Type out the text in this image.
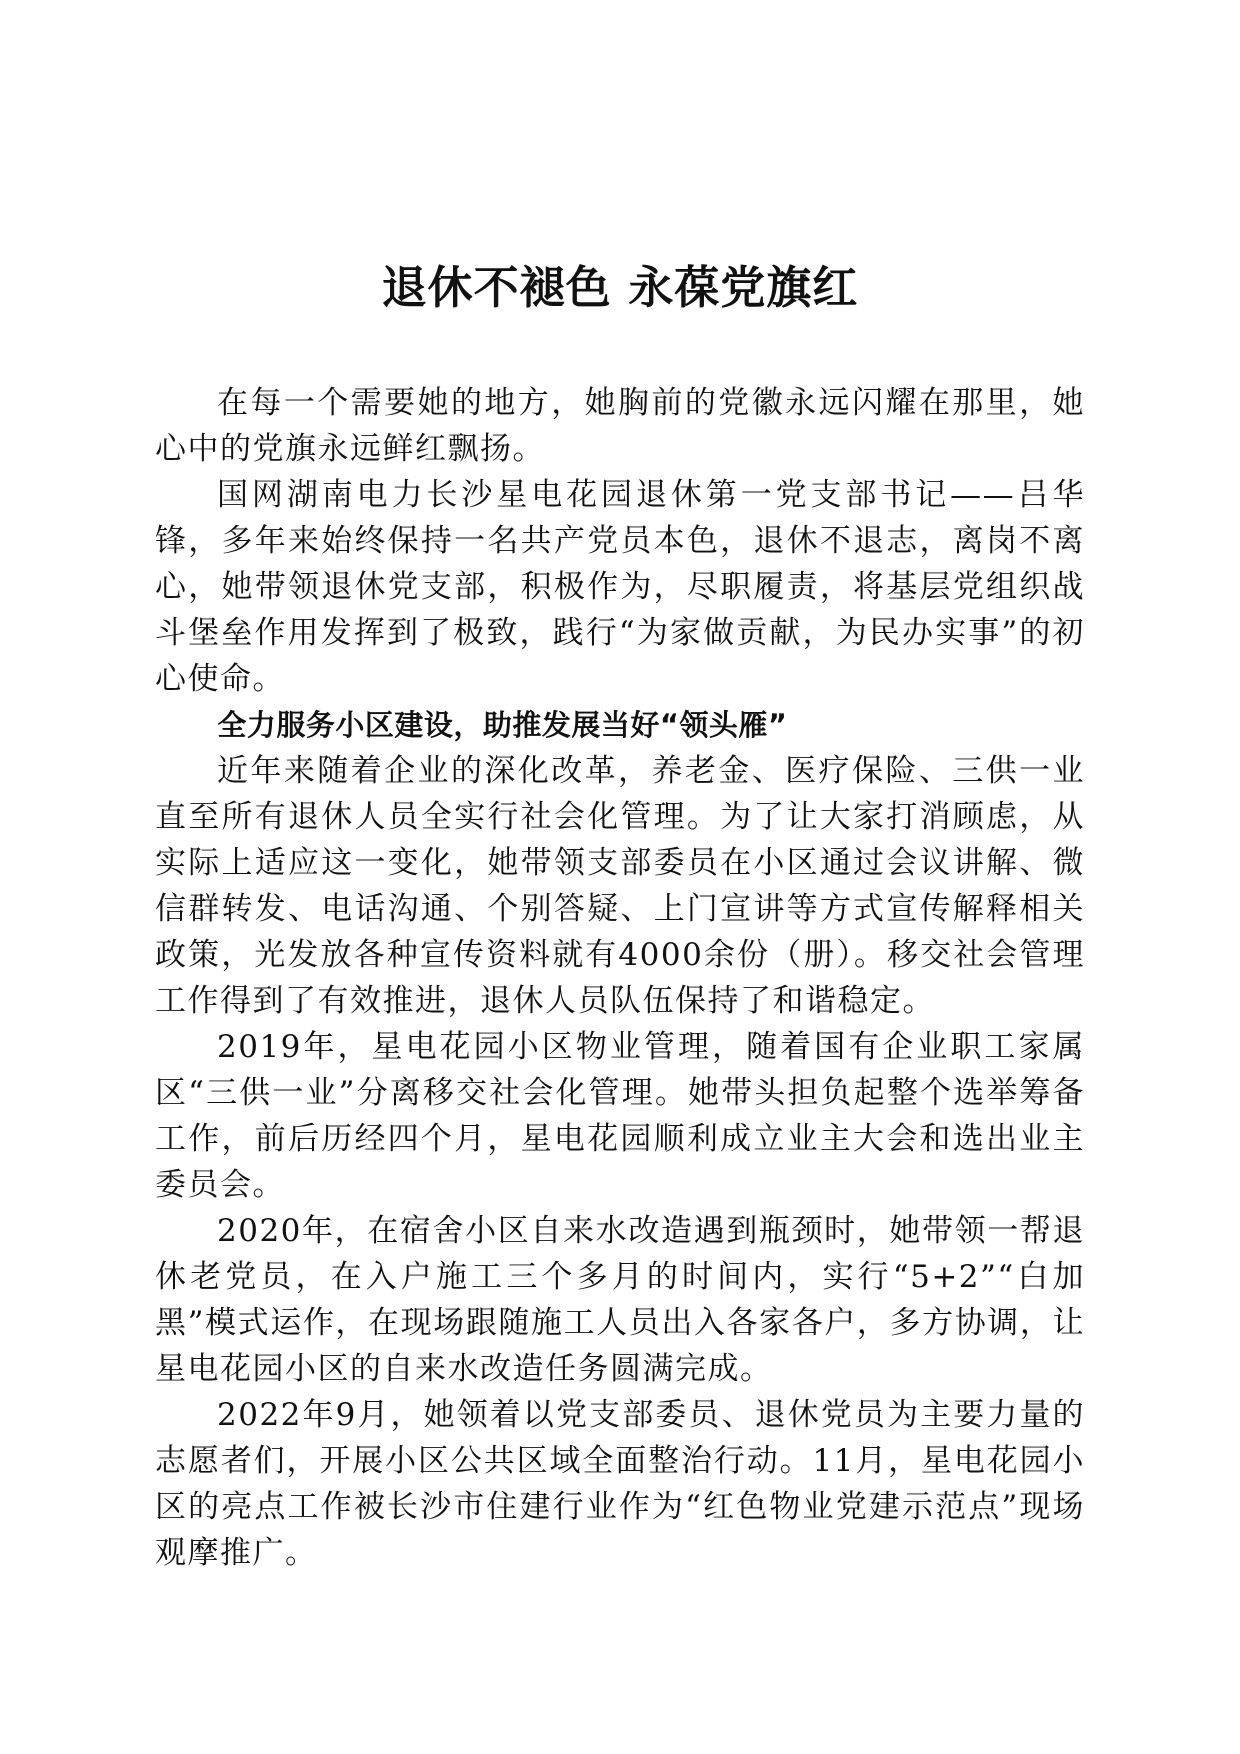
退休不褪色 永葆党旗红

在每一个需要她的地方，她胸前的党徽永远闪耀在那里，她心中的党旗永远鲜红飘扬。

国网湖南电力长沙星电花园退休第一党支部书记——吕华锋，多年来始终保持一名共产党员本色，退休不退志，离岗不离心，她带领退休党支部，积极作为，尽职履责，将基层党组织战斗堡垒作用发挥到了极致，践行“为家做贡献，为民办实事”的初心使命。

全力服务小区建设，助推发展当好“领头雁”

近年来随着企业的深化改革，养老金、医疗保险、三供一业直至所有退休人员全实行社会化管理。为了让大家打消顾虑，从实际上适应这一变化，她带领支部委员在小区通过会议讲解、微信群转发、电话沟通、个别答疑、上门宣讲等方式宣传解释相关政策，光发放各种宣传资料就有4000余份（册）。移交社会管理工作得到了有效推进，退休人员队伍保持了和谐稳定。

2019年，星电花园小区物业管理，随着国有企业职工家属区“三供一业”分离移交社会化管理。她带头担负起整个选举筹备工作，前后历经四个月，星电花园顺利成立业主大会和选出业主委员会。

2020年，在宿舍小区自来水改造遇到瓶颈时，她带领一帮退休老党员，在入户施工三个多月的时间内，实行“5+2”“白加黑”模式运作，在现场跟随施工人员出入各家各户，多方协调，让星电花园小区的自来水改造任务圆满完成。

2022年9月，她领着以党支部委员、退休党员为主要力量的志愿者们，开展小区公共区域全面整治行动。11月，星电花园小区的亮点工作被长沙市住建行业作为“红色物业党建示范点”现场观摩推广。
